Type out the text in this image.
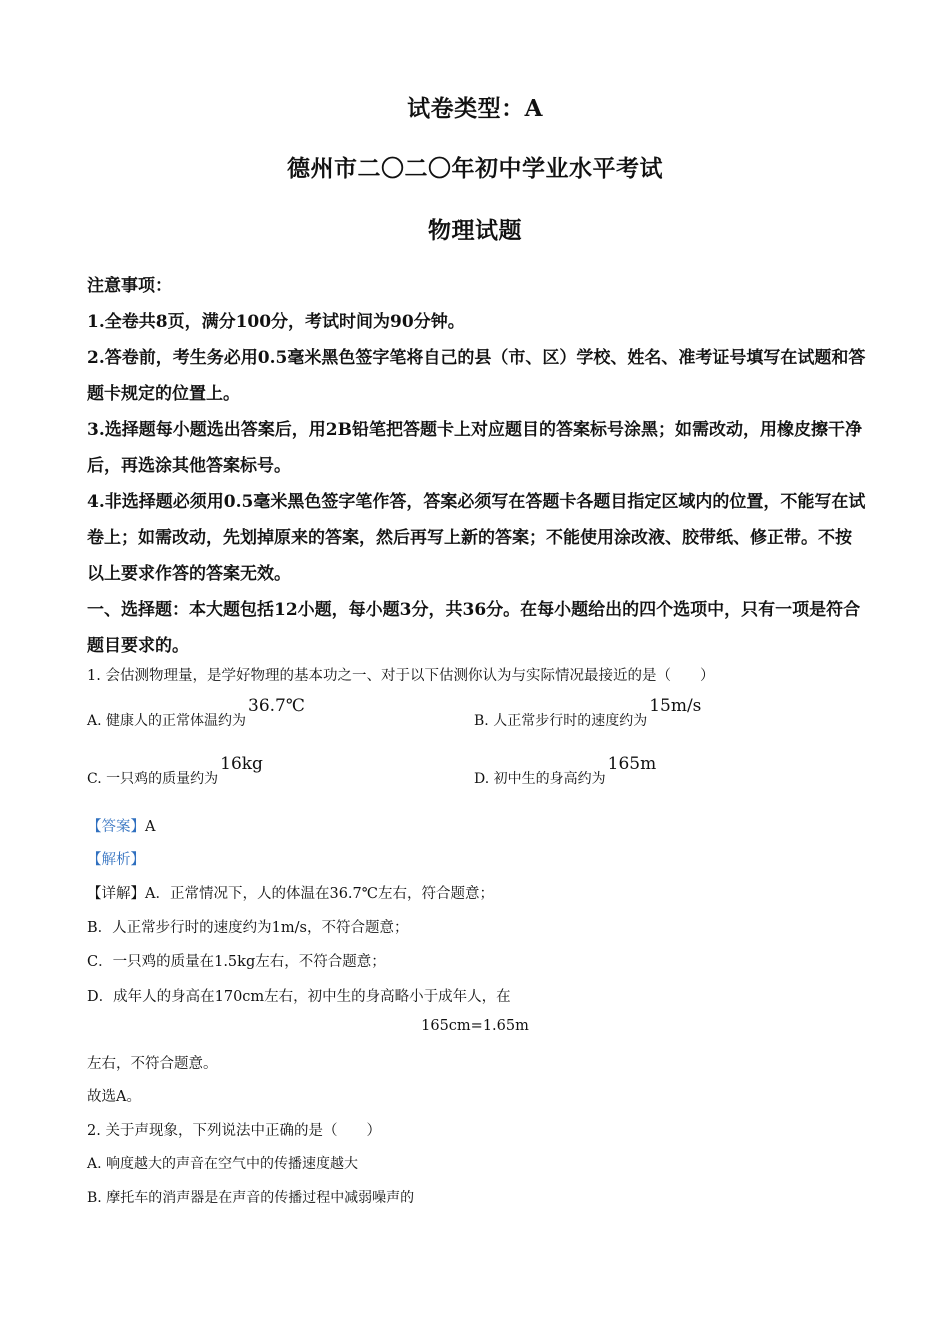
试卷类型：A
德州市二〇二〇年初中学业水平考试
物理试题

注意事项：

1.全卷共8页，满分100分，考试时间为90分钟。

2.答卷前，考生务必用0.5毫米黑色签字笔将自己的县（市、区）学校、姓名、准考证号填写在试题和答题卡规定的位置上。

3.选择题每小题选出答案后，用2B铅笔把答题卡上对应题目的答案标号涂黑；如需改动，用橡皮擦干净后，再选涂其他答案标号。

4.非选择题必须用0.5毫米黑色签字笔作答，答案必须写在答题卡各题目指定区域内的位置，不能写在试卷上；如需改动，先划掉原来的答案，然后再写上新的答案；不能使用涂改液、胶带纸、修正带。不按以上要求作答的答案无效。

一、选择题：本大题包括12小题，每小题3分，共36分。在每小题给出的四个选项中，只有一项是符合题目要求的。

1. 会估测物理量，是学好物理的基本功之一、对于以下估测你认为与实际情况最接近的是（　　）
A. 健康人的正常体温约为36.7℃
B. 人正常步行时的速度约为15m/s
C. 一只鸡的质量约为16kg
D. 初中生的身高约为165m
【答案】A
【解析】
【详解】A．正常情况下，人的体温在36.7℃左右，符合题意；
B．人正常步行时的速度约为1m/s，不符合题意；
C．一只鸡的质量在1.5kg左右，不符合题意；
D．成年人的身高在170cm左右，初中生的身高略小于成年人，在
165cm=1.65m
左右，不符合题意。
故选A。
2. 关于声现象，下列说法中正确的是（　　）
A. 响度越大的声音在空气中的传播速度越大
B. 摩托车的消声器是在声音的传播过程中减弱噪声的
